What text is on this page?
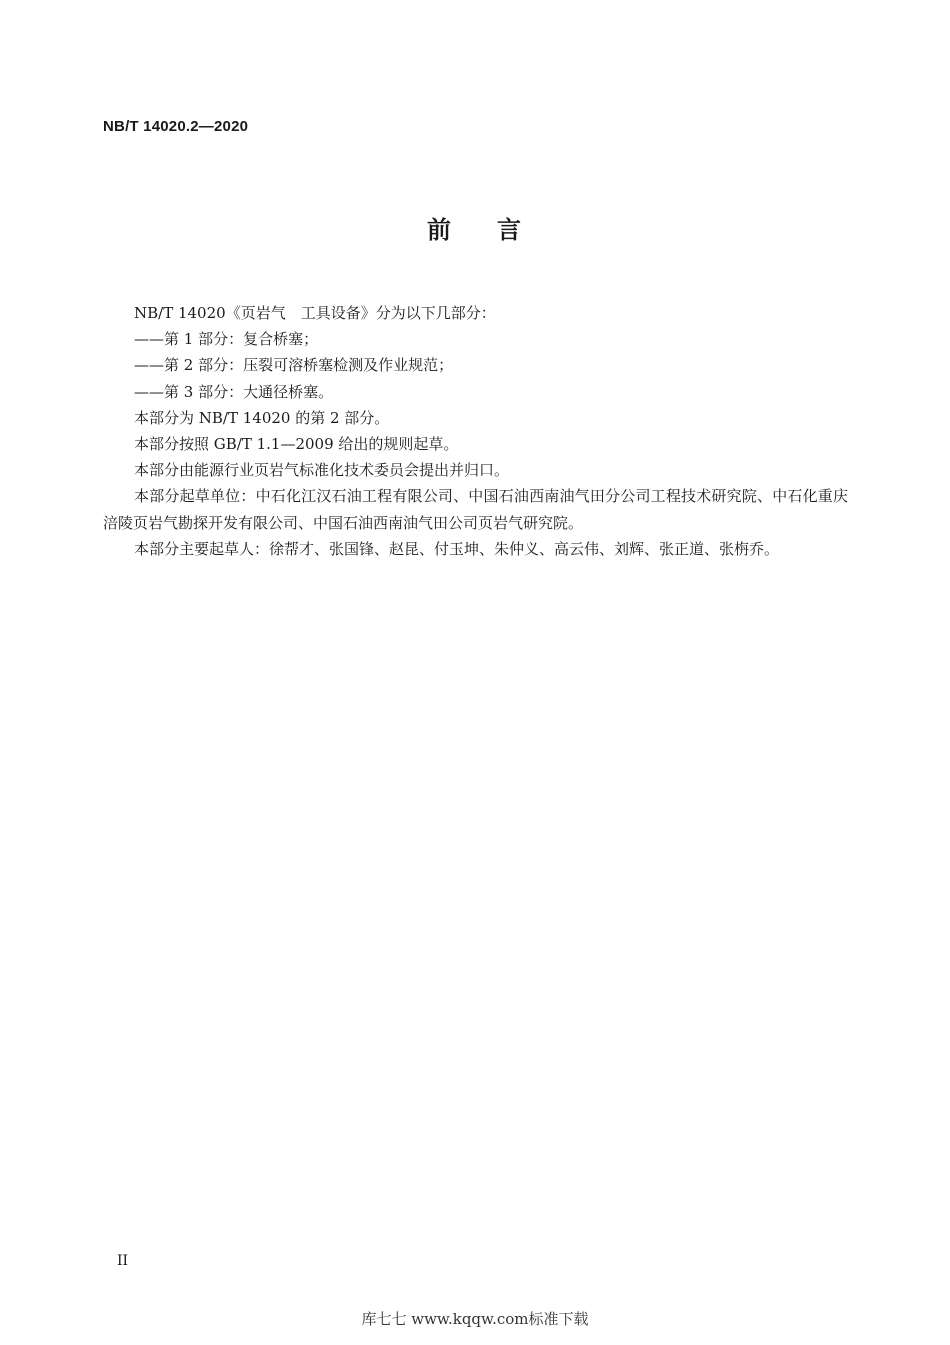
NB/T 14020.2—2020
前 言

NB/T 14020《页岩气　工具设备》分为以下几部分：

——第 1 部分：复合桥塞；

——第 2 部分：压裂可溶桥塞检测及作业规范；

——第 3 部分：大通径桥塞。

本部分为 NB/T 14020 的第 2 部分。

本部分按照 GB/T 1.1—2009 给出的规则起草。

本部分由能源行业页岩气标准化技术委员会提出并归口。

本部分起草单位：中石化江汉石油工程有限公司、中国石油西南油气田分公司工程技术研究院、中石化重庆涪陵页岩气勘探开发有限公司、中国石油西南油气田公司页岩气研究院。

本部分主要起草人：徐帮才、张国锋、赵昆、付玉坤、朱仲义、高云伟、刘辉、张正道、张栴乔。

II
库七七 www.kqqw.com标准下载
